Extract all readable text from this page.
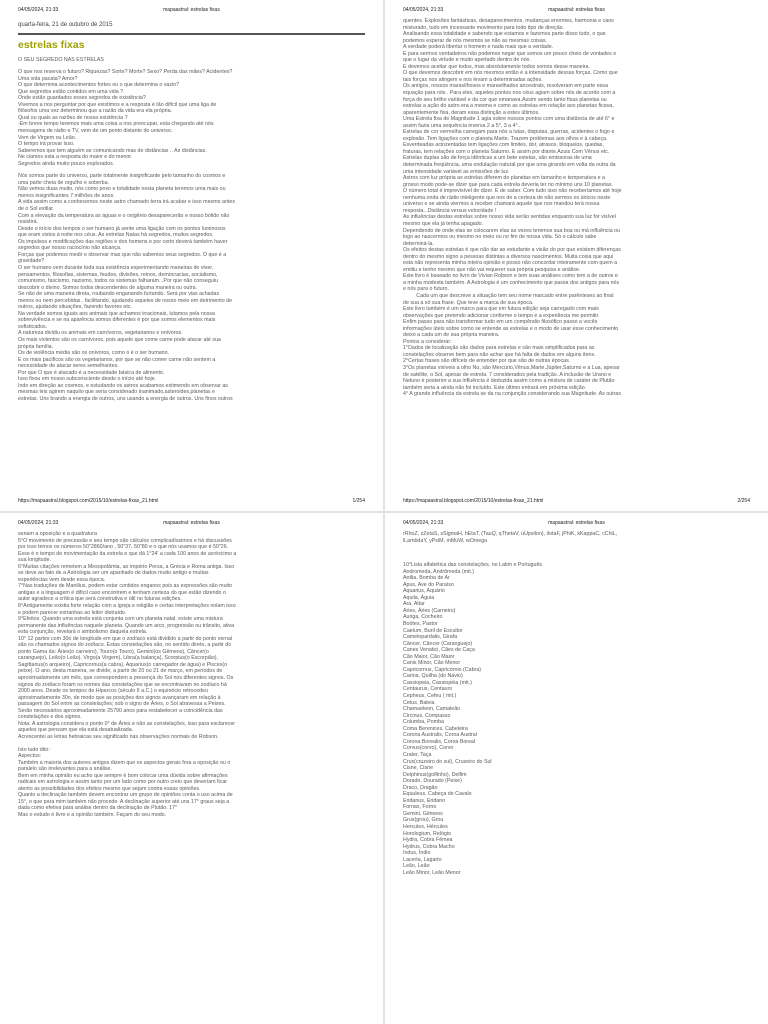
04/05/2024, 21:33	mapaastral: estrelas fixas
quarta-feira, 21 de outubro de 2015
estrelas fixas
O SEU SEGREDO NAS ESTRELAS

O que nos reserva o futuro? Riquezas? Sorte? Morte? Sexo? Perda das mães? Acidentes?

Uma vida pacata? Amor?

O que determina acontecimentos fortes ou o que determina o vazio?

Que segredos estão contidos em uma vida ?

Onde estão guardados esses segredos de existência?

Vivemos a nos perguntar por que existimos e a resposta é tão difícil que uma liga de

filósofos uma vez determinou que a razão da vida era ela própria.

Qual ou quais as razões de nossa existência ?

-Em breve tempo teremos mais uma coisa a nos preocupar, esta chegando até nós

mensagens de rádio e TV, vem de um ponto distante do universo.

Vem de Virgem ou Leão.

O tempo irá provar isso.

Saberemos que tem alguém se comunicando mas de distâncias .. As distâncias.

Ne ciamos esta a resposta do maior e do menor.

Segredos ainda muito pouco explorados.

Nós somos parte do universo, parte totalmente insignificante pelo tamanho do cosmos e

uma parte cheia de orgulho e soberba.

Não vemos duas muito, nós como povo e totalidade nesta planeta teremos uma mais ou

menos insignificantes 7 milhões de anos.

A vida assim como a conhecemos neste astro chamado terra irá acabar e isso mesmo antes

de o Sol extilar.

Com a elevação da temperatura as águas e o oxigênio desaparecerão e nosso bólido não

resistirá.

Desde o início dos tempos o ser humano já sente uma ligação com os pontos luminosos

que eram vistos à noite nos céus. As estrelas Natas há segredos, muitos segredos.

Os impulsos e modificações das regiões e dos homens e por certo deverá também haver

segredos que nosso raciocínio não alcança.

Forças que podemos medir e observar mas que não sabemos seus segredos. O que é a

gravidade?

O ser humano vem durante toda sua existência experimentando maneiras de viver,

pensamentos, filosofias, sistemas, feudos, divisões, reinos, democracias, socialismo,

comunismo, fascismo, nazismo, todos os sistemas falharam...Por que não conseguiu

descobrir o divino. Somos todos descendentes de alguma maneira ou outra.

Se não de uma maneira direta, roubando enganando furtando. Será por vias achadas

menos ou nem percebidas , facilitando, ajudando aqueles de nosso meio em detrimento de

outros, ajudando situações, fazendo favores etc.

Na verdade somos iguais aos animais que achamos irracionais, lutamos pela nossa

sobrevivência e se na aparência somos diferentes é por que somos elementos mais

sofisticados.

A natureza dividiu os animais em carnívoros, vegetarianos e onívoros.

Os mais violentos são os carnívoros, pois aquele que come carne pode atacar até sua

própria família.

Os de violência média são os onívoros, como o é o ser humano.

E os mais pacíficos são os vegetarianos, por que se não comer carne não sentem a

necessidade de atacar seres semelhantes.

Por que O que é atacado é a necessidade básica de alimento.

Isso fixou em nosso subconsciente desde o início até hoje.

Indo em direção ao cosmos, e estudando os astros acabamos estimendo em observar as

mesmas leis agirem naquilo que seria considerado inanimado,asteroides,planetas e

estrelas. Uns brando a energia de outros, uns usando a energia de outros. Uns finos outros

https://mapaastral.blogspot.com/2015/10/estrelas-fixas_21.html	1/254
04/05/2024, 21:33	mapaastral: estrelas fixas

quentes. Explosões fantásticas, desaparecimentos, mudanças enormes, harmonia e caos

misturado, tudo em incessante movimento para todo tipo de direção.

Analisando essa totalidade e sabendo que estamos e fazemos parte disso tudo, o que

podemos esperar de nós mesmos se não as mesmas coisas.

A verdade poderá libertar o homem e nada mais que a verdade.

E para sermos verdadeiros não podemos negar que somos um pouco cheio de vontades e

que o lugar da virtude e muito apertado dentro de nós.

E devemos aceitar que todos, mas absolutamente todos somos desse maneira.

O que devemos descobrir em nós mesmos então é a intensidade dessas forças. Como que

tais forças nos atingem e nos levam a determinadas ações.

Os antigos, nossos maravilhosos e maravilhados ancestrais, resolveram em parte essa

equação para nós . Para eles, aqueles pontos nos céus agiam sobre nós de acordo com a

força de seu brilho variável e da cor que emanava.Assim sendo tanto fixas planetas ou

estrelas a ação do astro era a mesma e como as estrelas em relação aos planetas ficava,

aparentemente fixa, deram essa distinção a estes últimos.

Uma Estrela fixa de Magnitude 1 agia sobre nossos pontos com uma distância de até 6° e

assim fazia uma sequência inversa 2 a 5°, 3 a 4°..

Estrelas de cor vermelha carregam para nós a lutas, disputas, guerras, acidentes o fogo e

explosão. Tem ligações com o planeta Marte. Trazem problemas aos olhos e à cabeça.

Esverdeadas acinzentadas tem ligações com limites, dor, atrasos, bloqueios, quedas,

fraturas, tem relações com o planeta Saturno. E assim por diante.Azuis Com Vênus etc.

Estrelas duplas são de força idênticas a um bete estelas, são emissoras de uma

determinada freqüência, uma ondulação natural por que uma girando em volta da outra da

uma intensidade variável as emissões de luz.

Astros com luz própria as estrelas diferem do planetas em tamanho e temperatura e a

grosso modo pode-se dizer que para cada estrela deveria ter no mínimo uns 10 planetas.

O número total é imprevisível de dizer. E de saber. Com tudo isso não receberíamos até hoje

nenhuma onda de rádio inteligente que nos de a certeza de não sermos os únicos neste

universo e se ainda viermos a receber chamará aquele que nos mandou terá nossa

resposta...Distância versus velocidade !

As influências destas estrelas sobre nosso vida serão sentidas enquanto sua luz for visível

mesmo que ela já tenha apagado.

Dependendo de onde elas se colocarem elas as vezes teremos sua boa ou má influência ou

logo ao nascermos ou mesmo no meio ou no fim de nossa vida. Só o cálculo sabe

determiná-la.

Os efeitos destas estrelas é que não dar ao estudante a visão do por que existem diferenças

dentro do mesmo signo a pessoas distintas a diversos nascimentos. Muita coisa que aqui

esta não representa minha inteira opinião e posso não concordar inteiramente com quem a

emitiu e tenho mesmo que não vai requerer sua própria pesquisa e análise.

Este livro é baseado no livro de Vivian Robson e tem suas análises como tem a de outros e

a minha modesta também. A Astrologia é um conhecimento que passa dos antigos para nós

e nós para o futuro.

Cada um que descreve a situação tem seu nome marcado entre parênteses ao final

de sua a só sua frase. Que teve a marca de sua época.

Este livro também é um marco para que em futura edição seja carregado com mais

observações que pretendo adicionar conforme o tempo e a experiência me permitir.

Enfim passo para não transformar tudo em um compêndio filosófico passo a vocês

informações úteis sobre como se entende as estrelas e o modo de usar esse conhecimento

deixo a cada um de sua própria maneira.

Pontos a considerar:

1°Dados de localização são dados para estrelas e são mais simplificados para as

constelações observe bem para não achar que há falta de dados em alguns itens.

2°Certas frases são difíceis de entender por que são de outras épocas.

3°Os planetas visíveis a olho Nu, são Mercúrio,Vênus,Marte,Júpiter,Saturno e a Lua, apesar

de satélite, o Sol, apesar de estrela. 7 considerados pela tradição. A inclusão de Urano e

Netuno é posterior a sua influência é deduzida assim como a mistura de caráter de Plutão

também seria a ainda não foi incluído. Este último entrará em próxima edição.

4° A grande influência da estrela se da na conjunção considerando sua Magnitude. As outras

https://mapaastral.blogspot.com/2015/10/estrelas-fixas_21.html	2/254
04/05/2024, 21:33	mapaastral: estrelas fixas

seriam a oposição e a quadratura

5°O movimento de precessão e seu tempo são cálculos complicadíssimos e há discussões

por isso temos os números 50"2860/ano , 50"37, 50"80 e o que nós usamos que é 50"26.

Esse é o tempo de movimentação da estrela e que dá 1°24' a cada 100 anos de acréscimo a

sua longitude.

6°Muitas citações remetem a Mesopotâmia, ao império Persa, a Grécia e Roma antiga. Isso

se deve ao fato de a Astrologia ser um apanhado de dados muito antigo e muitas

experiências vem desde essa época.

7°Nas traduções de Manilius, podem estar contidos enganos pois as expressões são muito

antigas e a linguagem é difícil caso encontrem e tenham certeza do que estão dizendo o

autor agradece a crítica que será construtiva e útil no futuras edições.

8°Antigamente existia forte relação com a igreja e religião e certas interpretações nolam isso

e podem parecer estranhas ao leitor distraído.

9°Efeitos. Quando uma estrela está conjunta com um planeta natal, existe uma mistura

permanente das influências naquele planeta. Quando um arco, progressão ou trânsito, ativa

esta conjunção, revelará o simbolismo daquela estrela.

10° 12 partes com 30o de longitude em que o zodíaco está dividido a partir do ponto vernal

são os chamados signos do zodíaco. Estas constelações são, no sentido direto, a partir do

ponto Gama da: Áries(o carneiro), Touro(o Touro), Gemini(os Gêmeos), Câncer(o

caranguejo), Leão(o Leão), Virgo(a Virgem), Libra(a balança), Scorpius(o Escorpião),

Sagittarius(o arqueiro), Capricornus(a cabra), Aquarius(o carregador de água) e Pisces(o

peixe). O ano, desta maneira, se divide, a partir de 20 ou 21 de março, em períodos de

aproximadamente um mês, que correspondem a presença do Sol nos diferentes signos. Os

signos do zodíaco foram os nomes das constelações que se encontravam no zodíaco há

2000 anos. Desde os tempos de Hiparcos (século II a.C.) o equinócio retrocedeu

aproximadamente 30o, de modo que as posições dos signos avançaram em relação à

passagem do Sol entre as constelações; sob o signo de Áries, o Sol atravessa a Peixes.

Serão necessários aproximadamente 25790 anos para restabelecer a coincidência das

constelações e dos signos.

Nota: A astrologia considera o ponto 0° de Áries e não as constelações, isso para esclarecer

aqueles que pensam que ela está desatualizada.

Acrescentei as letras hebraicas seu significado nas observações normais de Robson.

Isto tudo dito:

Aspectos:

Também a maioria dos autores antigos dizem que os aspectos gerais fora a oposição ou o

paralelo são irrelevantes para a análise.

Bem em minha opinião eu acho que sempre é bom colocar uma dúvida sobre afirmações

radicais em astrologia e assim tanto por um lado como por outro creio que deveriam ficar

atento as possibilidades dos efeitos mesmo que sejam contra essas opiniões.

Quanto a declinação também devem encontrar um grupo de opiniões conta o uso acima de

15°, o que para mim também não procede. A declinação superior até uns 17° graus seja a

dada como efetiva para análise dentro da declinação de Plutão. 17°

Mas o estudo é livre e a opinião também. Façam do seu modo.

04/05/2024, 21:33	mapaastral: estrelas fixas

rRhoZ, zZetaS, sSigmaH, hEtaT, (TauQ, qThetaV, uUpsilon), iIotaF, jPhiK, kKappaC, cChiL,

lLambdaY, yPsiM, mMuW, wOmega

10°Lista alfabética das constelações, no Latim e Português

Andromeda, Andrômeda (mit.)

Antlia, Bomba de Ar

Apus, Ave do Paraíso

Aquarius, Aquário

Aquila, Águia

Ara, Altar

Aries, Áries (Carneiro)

Auriga, Cocheiro

Boötes, Pastor

Caelum, Buril de Escultor

Camelopardalis, Girafa

Câncer, Câncer (Caranguejo)

Canes Venatici, Cães de Caça

Cão Maior, Cão Maior

Canis Minor, Cão Menor

Capricornus, Capricórnio (Cabra)

Carina, Quilha (do Navio)

Cassiopeia, Cassiopéia (mit.)

Centaurus, Centauro

Cepheus, Cefeu ( mit.)

Cetus, Baleia

Chamaeleon, Camaleão

Circinus, Compasso

Columba, Pomba

Coma Berenices, Cabeleira

Corona Australis, Coroa Austral

Corona Borealis, Coroa Boreal

Corvus(corvo), Corvo

Crater, Taça

Crux(cruzeiro do sul), Cruzeiro do Sul

Cisne, Cisne

Delphinus(golfinho), Delfim

Dorado, Dourado (Peixe)

Draco, Dragão

Equuleus, Cabeça de Cavalo

Eridanus, Eridano

Fornax, Forno

Gemini, Gêmeos

Grus(grou), Grou

Hercules, Hércules

Horologium, Relógio

Hydra, Cobra Fêmea

Hydrus, Cobra Macho

Indus, Índio

Lacerta, Lagarto

Leão, Leão

Leão Minor, Leão Menor
